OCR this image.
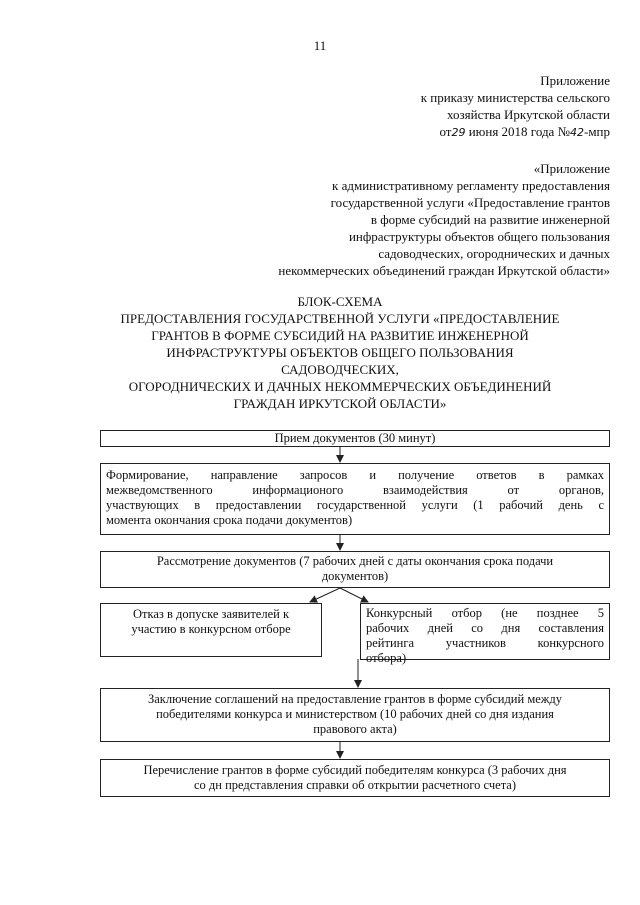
11
Приложение
к приказу министерства сельского
хозяйства Иркутской области
от29 июня 2018 года №42-мпр
«Приложение
к административному регламенту предоставления
государственной услуги «Предоставление грантов
в форме субсидий на развитие инженерной
инфраструктуры объектов общего пользования
садоводческих, огороднических и дачных
некоммерческих объединений граждан Иркутской области»
БЛОК-СХЕМА
ПРЕДОСТАВЛЕНИЯ ГОСУДАРСТВЕННОЙ УСЛУГИ «ПРЕДОСТАВЛЕНИЕ
ГРАНТОВ В ФОРМЕ СУБСИДИЙ НА РАЗВИТИЕ ИНЖЕНЕРНОЙ
ИНФРАСТРУКТУРЫ ОБЪЕКТОВ ОБЩЕГО ПОЛЬЗОВАНИЯ
САДОВОДЧЕСКИХ,
ОГОРОДНИЧЕСКИХ И ДАЧНЫХ НЕКОММЕРЧЕСКИХ ОБЪЕДИНЕНИЙ
ГРАЖДАН ИРКУТСКОЙ ОБЛАСТИ»
Прием документов (30 минут)
Формирование, направление запросов и получение ответов в рамках
межведомственного информационого взаимодействия от органов,
участвующих в предоставлении государственной услуги (1 рабочий день с
момента окончания срока подачи документов)
Рассмотрение документов (7 рабочих дней с даты окончания срока подачи
документов)
Отказ в допуске заявителей к
участию в конкурсном отборе
Конкурсный отбор (не позднее 5
рабочих дней со дня составления
рейтинга участников конкурсного
отбора)
Заключение соглашений на предоставление грантов в форме субсидий между
победителями конкурса и министерством (10 рабочих дней со дня издания
правового акта)
Перечисление грантов в форме субсидий победителям конкурса (3 рабочих дня
со дн представления справки об открытии расчетного счета)
